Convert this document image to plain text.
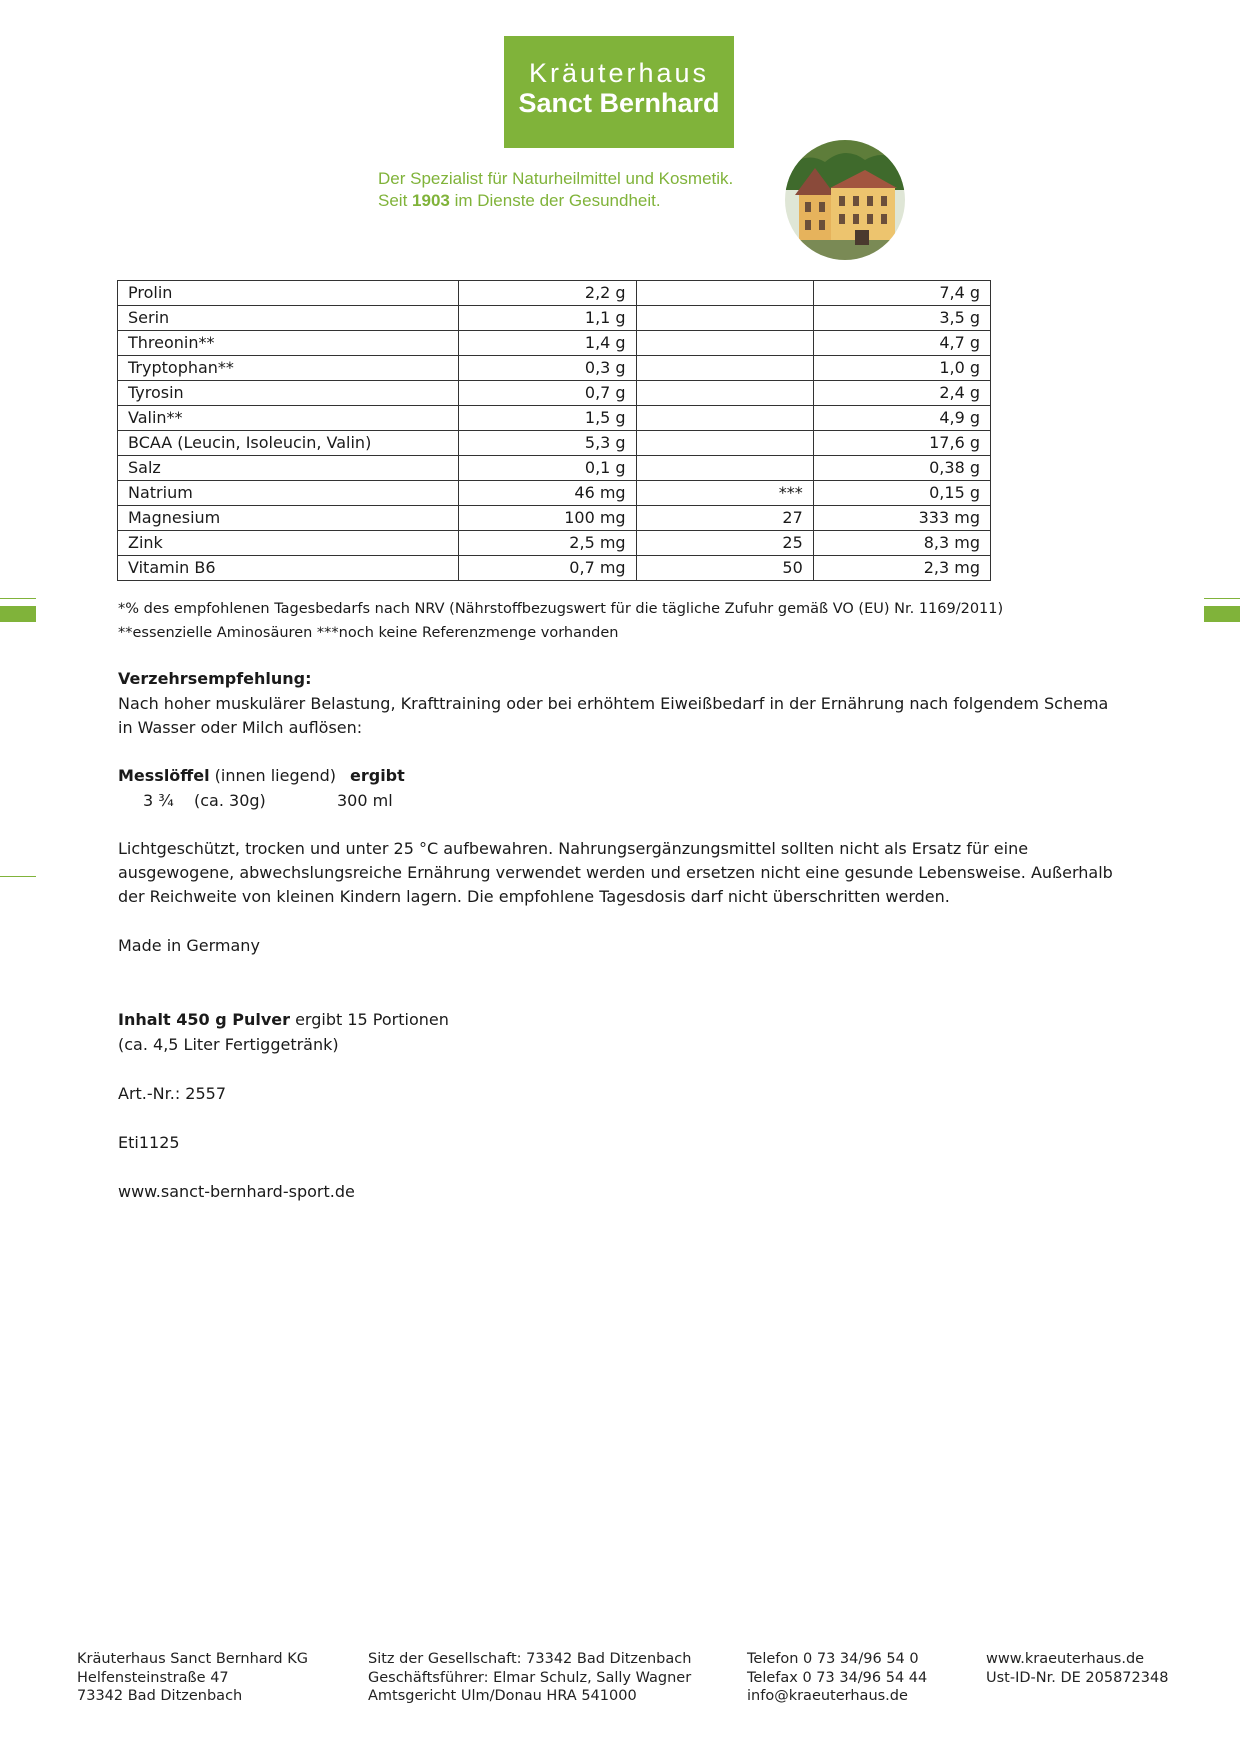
Kräuterhaus
Sanct Bernhard
Der Spezialist für Naturheilmittel und Kosmetik.
Seit 1903 im Dienste der Gesundheit.
Prolin	2,2 g		7,4 g
Serin	1,1 g		3,5 g
Threonin**	1,4 g		4,7 g
Tryptophan**	0,3 g		1,0 g
Tyrosin	0,7 g		2,4 g
Valin**	1,5 g		4,9 g
BCAA (Leucin, Isoleucin, Valin)	5,3 g		17,6 g
Salz	0,1 g		0,38 g
Natrium	46 mg	***	0,15 g
Magnesium	100 mg	27	333 mg
Zink	2,5 mg	25	8,3 mg
Vitamin B6	0,7 mg	50	2,3 mg
*% des empfohlenen Tagesbedarfs nach NRV (Nährstoffbezugswert für die tägliche Zufuhr gemäß VO (EU) Nr. 1169/2011)
**essenzielle Aminosäuren ***noch keine Referenzmenge vorhanden
Verzehrsempfehlung:
Nach hoher muskulärer Belastung, Krafttraining oder bei erhöhtem Eiweißbedarf in der Ernährung nach folgendem Schema
in Wasser oder Milch auflösen:
Messlöffel (innen liegend) ergibt
3 ¾ (ca. 30g)	300 ml
Lichtgeschützt, trocken und unter 25 °C aufbewahren. Nahrungsergänzungsmittel sollten nicht als Ersatz für eine
ausgewogene, abwechslungsreiche Ernährung verwendet werden und ersetzen nicht eine gesunde Lebensweise. Außerhalb
der Reichweite von kleinen Kindern lagern. Die empfohlene Tagesdosis darf nicht überschritten werden.
Made in Germany
Inhalt 450 g Pulver ergibt 15 Portionen
(ca. 4,5 Liter Fertiggetränk)
Art.-Nr.: 2557
Eti1125
www.sanct-bernhard-sport.de
Kräuterhaus Sanct Bernhard KG
Helfensteinstraße 47
73342 Bad Ditzenbach
Sitz der Gesellschaft: 73342 Bad Ditzenbach
Geschäftsführer: Elmar Schulz, Sally Wagner
Amtsgericht Ulm/Donau HRA 541000
Telefon 0 73 34/96 54 0
Telefax 0 73 34/96 54 44
info@kraeuterhaus.de
www.kraeuterhaus.de
Ust-ID-Nr. DE 205872348
